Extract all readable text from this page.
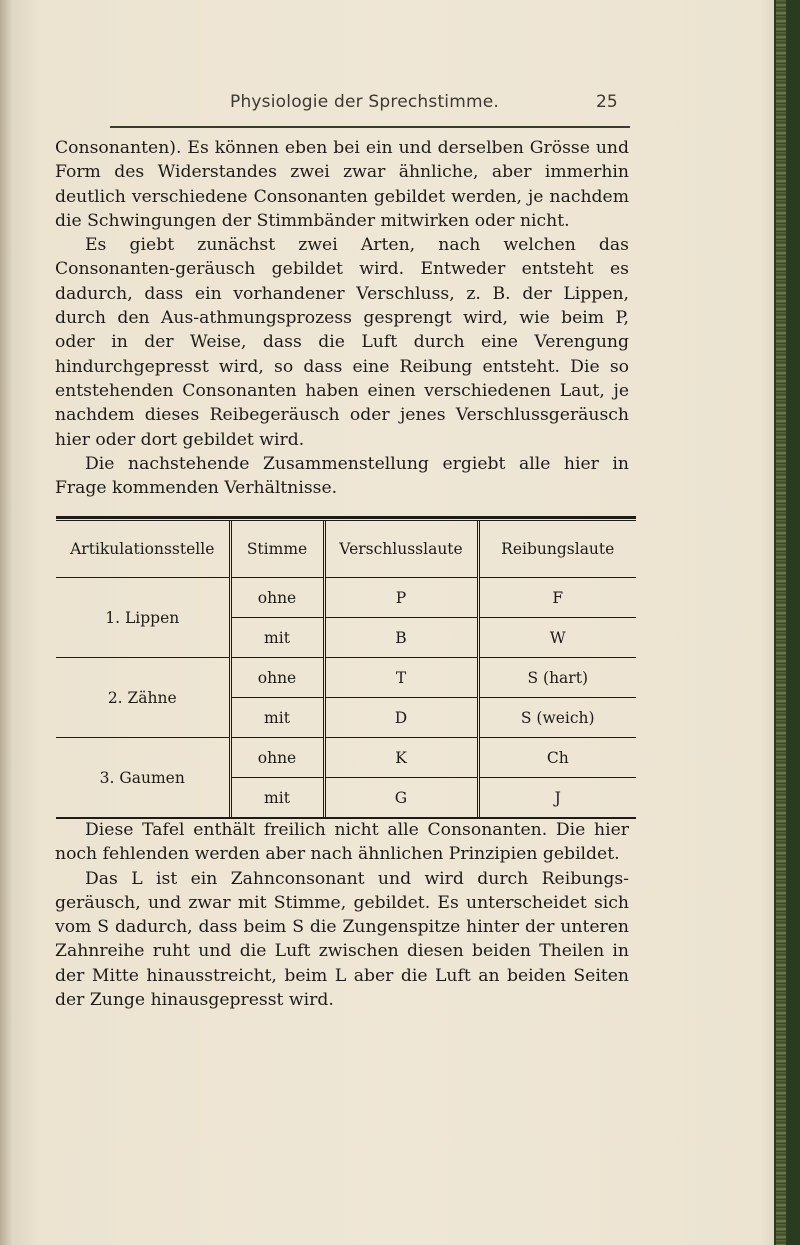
Physiologie der Sprechstimme.	25

Consonanten). Es können eben bei ein und derselben Grösse und Form des Widerstandes zwei zwar ähnliche, aber immerhin deutlich verschiedene Consonanten gebildet werden, je nachdem die Schwingungen der Stimmbänder mitwirken oder nicht.

Es giebt zunächst zwei Arten, nach welchen das Consonanten-geräusch gebildet wird. Entweder entsteht es dadurch, dass ein vorhandener Verschluss, z. B. der Lippen, durch den Aus-athmungsprozess gesprengt wird, wie beim P, oder in der Weise, dass die Luft durch eine Verengung hindurchgepresst wird, so dass eine Reibung entsteht. Die so entstehenden Consonanten haben einen verschiedenen Laut, je nachdem dieses Reibegeräusch oder jenes Verschlussgeräusch hier oder dort gebildet wird.

Die nachstehende Zusammenstellung ergiebt alle hier in Frage kommenden Verhältnisse.

Artikulationsstelle	Stimme	Verschlusslaute	Reibungslaute
1. Lippen	ohne	P	F
	mit	B	W
2. Zähne	ohne	T	S (hart)
	mit	D	S (weich)
3. Gaumen	ohne	K	Ch
	mit	G	J

Diese Tafel enthält freilich nicht alle Consonanten. Die hier noch fehlenden werden aber nach ähnlichen Prinzipien gebildet.

Das L ist ein Zahnconsonant und wird durch Reibungs-geräusch, und zwar mit Stimme, gebildet. Es unterscheidet sich vom S dadurch, dass beim S die Zungenspitze hinter der unteren Zahnreihe ruht und die Luft zwischen diesen beiden Theilen in der Mitte hinausstreicht, beim L aber die Luft an beiden Seiten der Zunge hinausgepresst wird.
